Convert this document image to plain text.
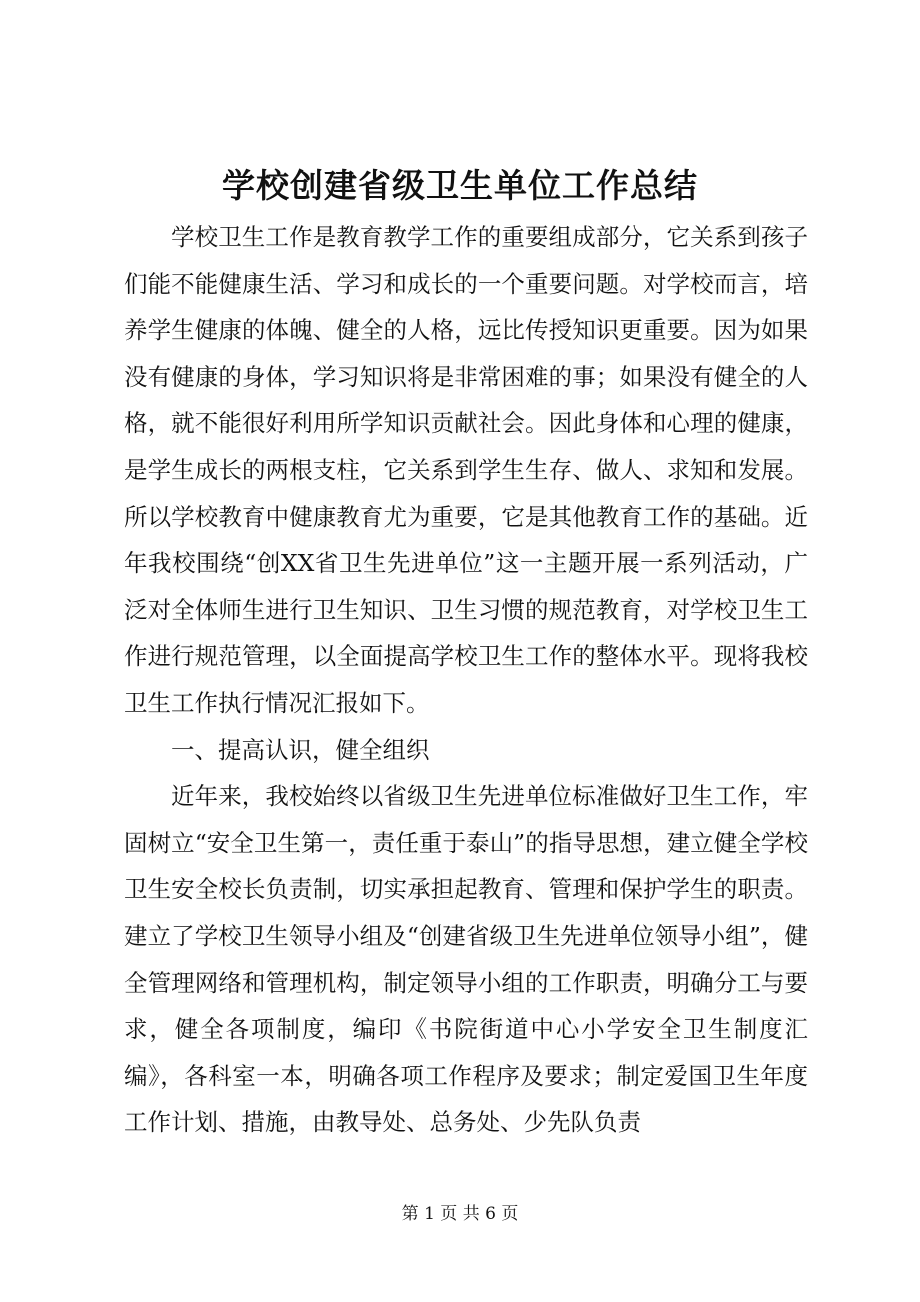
学校创建省级卫生单位工作总结

学校卫生工作是教育教学工作的重要组成部分，它关系到孩子们能不能健康生活、学习和成长的一个重要问题。对学校而言，培养学生健康的体魄、健全的人格，远比传授知识更重要。因为如果没有健康的身体，学习知识将是非常困难的事；如果没有健全的人格，就不能很好利用所学知识贡献社会。因此身体和心理的健康，是学生成长的两根支柱，它关系到学生生存、做人、求知和发展。所以学校教育中健康教育尤为重要，它是其他教育工作的基础。近年我校围绕“创XX省卫生先进单位”这一主题开展一系列活动，广泛对全体师生进行卫生知识、卫生习惯的规范教育，对学校卫生工作进行规范管理，以全面提高学校卫生工作的整体水平。现将我校卫生工作执行情况汇报如下。

一、提高认识，健全组织

近年来，我校始终以省级卫生先进单位标准做好卫生工作，牢固树立“安全卫生第一，责任重于泰山”的指导思想，建立健全学校卫生安全校长负责制，切实承担起教育、管理和保护学生的职责。建立了学校卫生领导小组及“创建省级卫生先进单位领导小组”，健全管理网络和管理机构，制定领导小组的工作职责，明确分工与要求，健全各项制度，编印《书院街道中心小学安全卫生制度汇编》，各科室一本，明确各项工作程序及要求；制定爱国卫生年度工作计划、措施，由教导处、总务处、少先队负责

第 1 页 共 6 页
